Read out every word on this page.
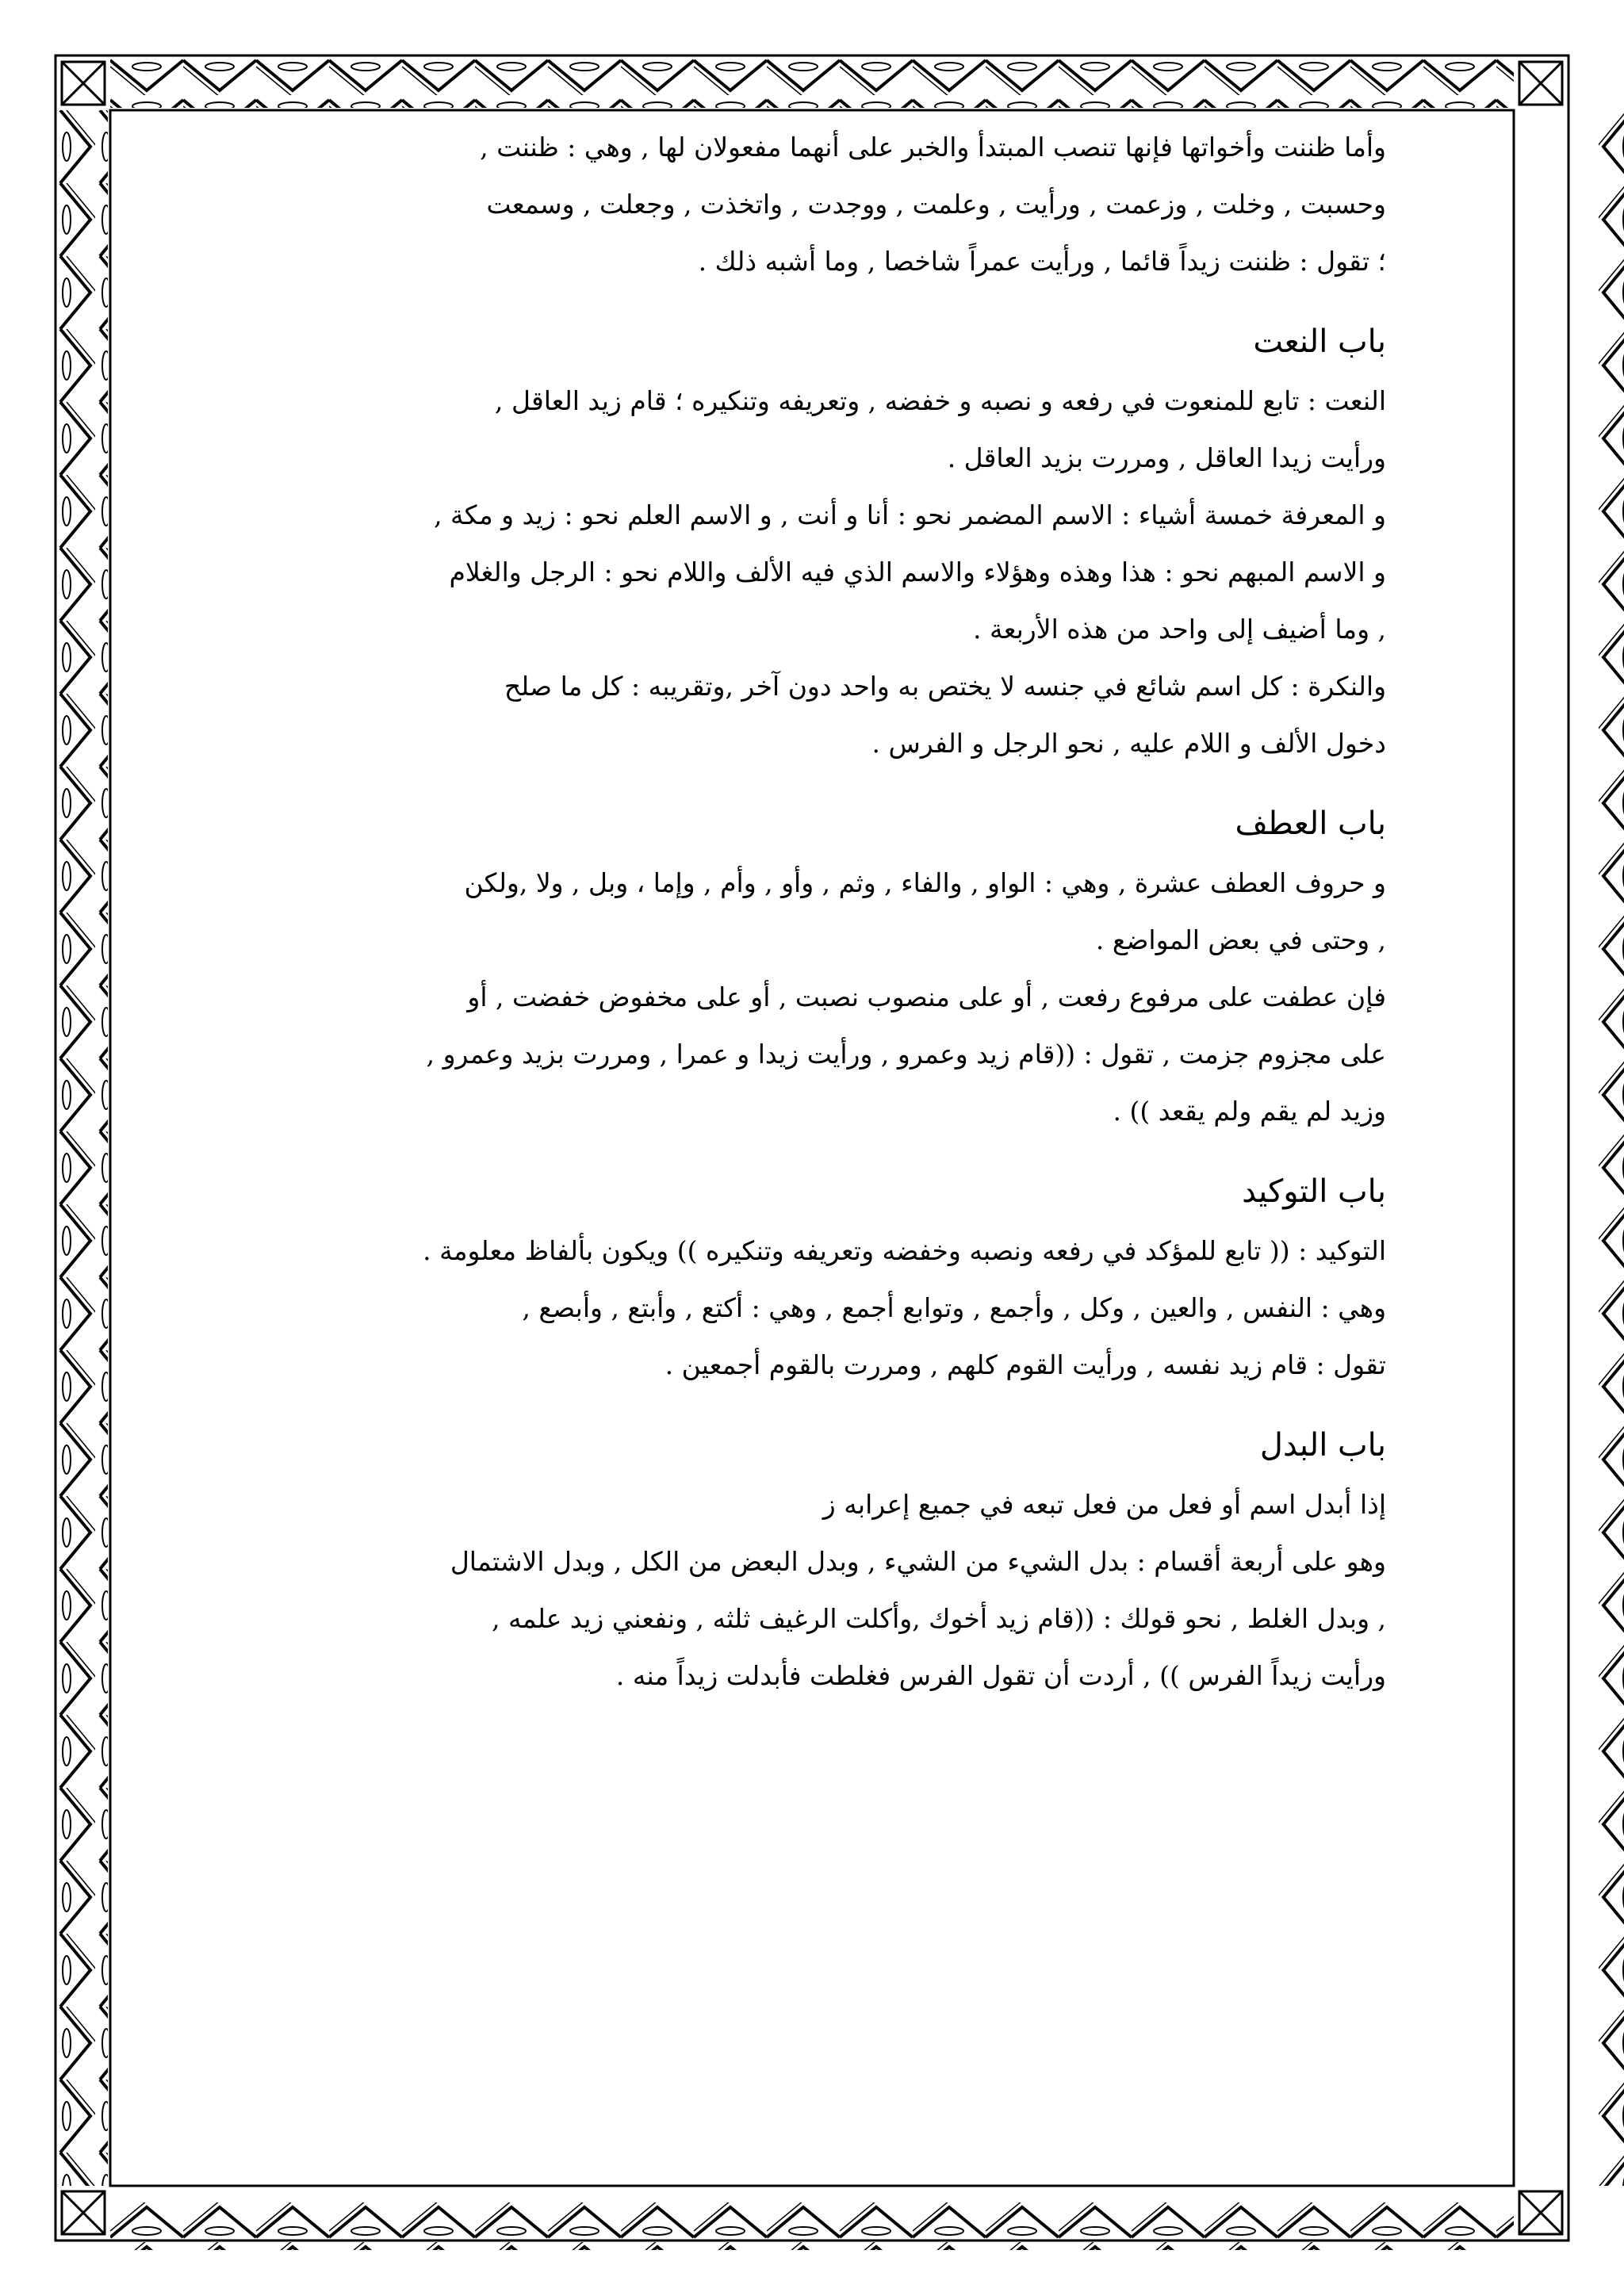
وأما ظننت وأخواتها فإنها تنصب المبتدأ والخبر على أنهما مفعولان لها , وهي : ظننت ,

وحسبت , وخلت , وزعمت , ورأيت , وعلمت , ووجدت , واتخذت , وجعلت , وسمعت

؛ تقول : ظننت زيداً قائما , ورأيت عمراً شاخصا , وما أشبه ذلك .

باب النعت

النعت : تابع للمنعوت في رفعه و نصبه و خفضه , وتعريفه وتنكيره ؛ قام زيد العاقل ,

ورأيت زيدا العاقل , ومررت بزيد العاقل .

و المعرفة خمسة أشياء : الاسم المضمر نحو : أنا و أنت , و الاسم العلم نحو : زيد و مكة ,

و الاسم المبهم نحو : هذا وهذه وهؤلاء والاسم الذي فيه الألف واللام نحو : الرجل والغلام

, وما أضيف إلى واحد من هذه الأربعة .

والنكرة : كل اسم شائع في جنسه لا يختص به واحد دون آخر ,وتقريبه : كل ما صلح

دخول الألف و اللام عليه , نحو الرجل و الفرس .

باب العطف

و حروف العطف عشرة , وهي : الواو , والفاء , وثم , وأو , وأم , وإما ، وبل , ولا ,ولكن

, وحتى في بعض المواضع .

فإن عطفت على مرفوع رفعت , أو على منصوب نصبت , أو على مخفوض خفضت , أو

على مجزوم جزمت , تقول : ((قام زيد وعمرو , ورأيت زيدا و عمرا , ومررت بزيد وعمرو ,

وزيد لم يقم ولم يقعد )) .

باب التوكيد

التوكيد : (( تابع للمؤكد في رفعه ونصبه وخفضه وتعريفه وتنكيره )) ويكون بألفاظ معلومة .

وهي : النفس , والعين , وكل , وأجمع , وتوابع أجمع , وهي : أكتع , وأبتع , وأبصع ,

تقول : قام زيد نفسه , ورأيت القوم كلهم , ومررت بالقوم أجمعين .

باب البدل

إذا أبدل اسم أو فعل من فعل تبعه في جميع إعرابه ز

وهو على أربعة أقسام : بدل الشيء من الشيء , وبدل البعض من الكل , وبدل الاشتمال

, وبدل الغلط , نحو قولك : ((قام زيد أخوك ,وأكلت الرغيف ثلثه , ونفعني زيد علمه ,

ورأيت زيداً الفرس )) , أردت أن تقول الفرس فغلطت فأبدلت زيداً منه .
